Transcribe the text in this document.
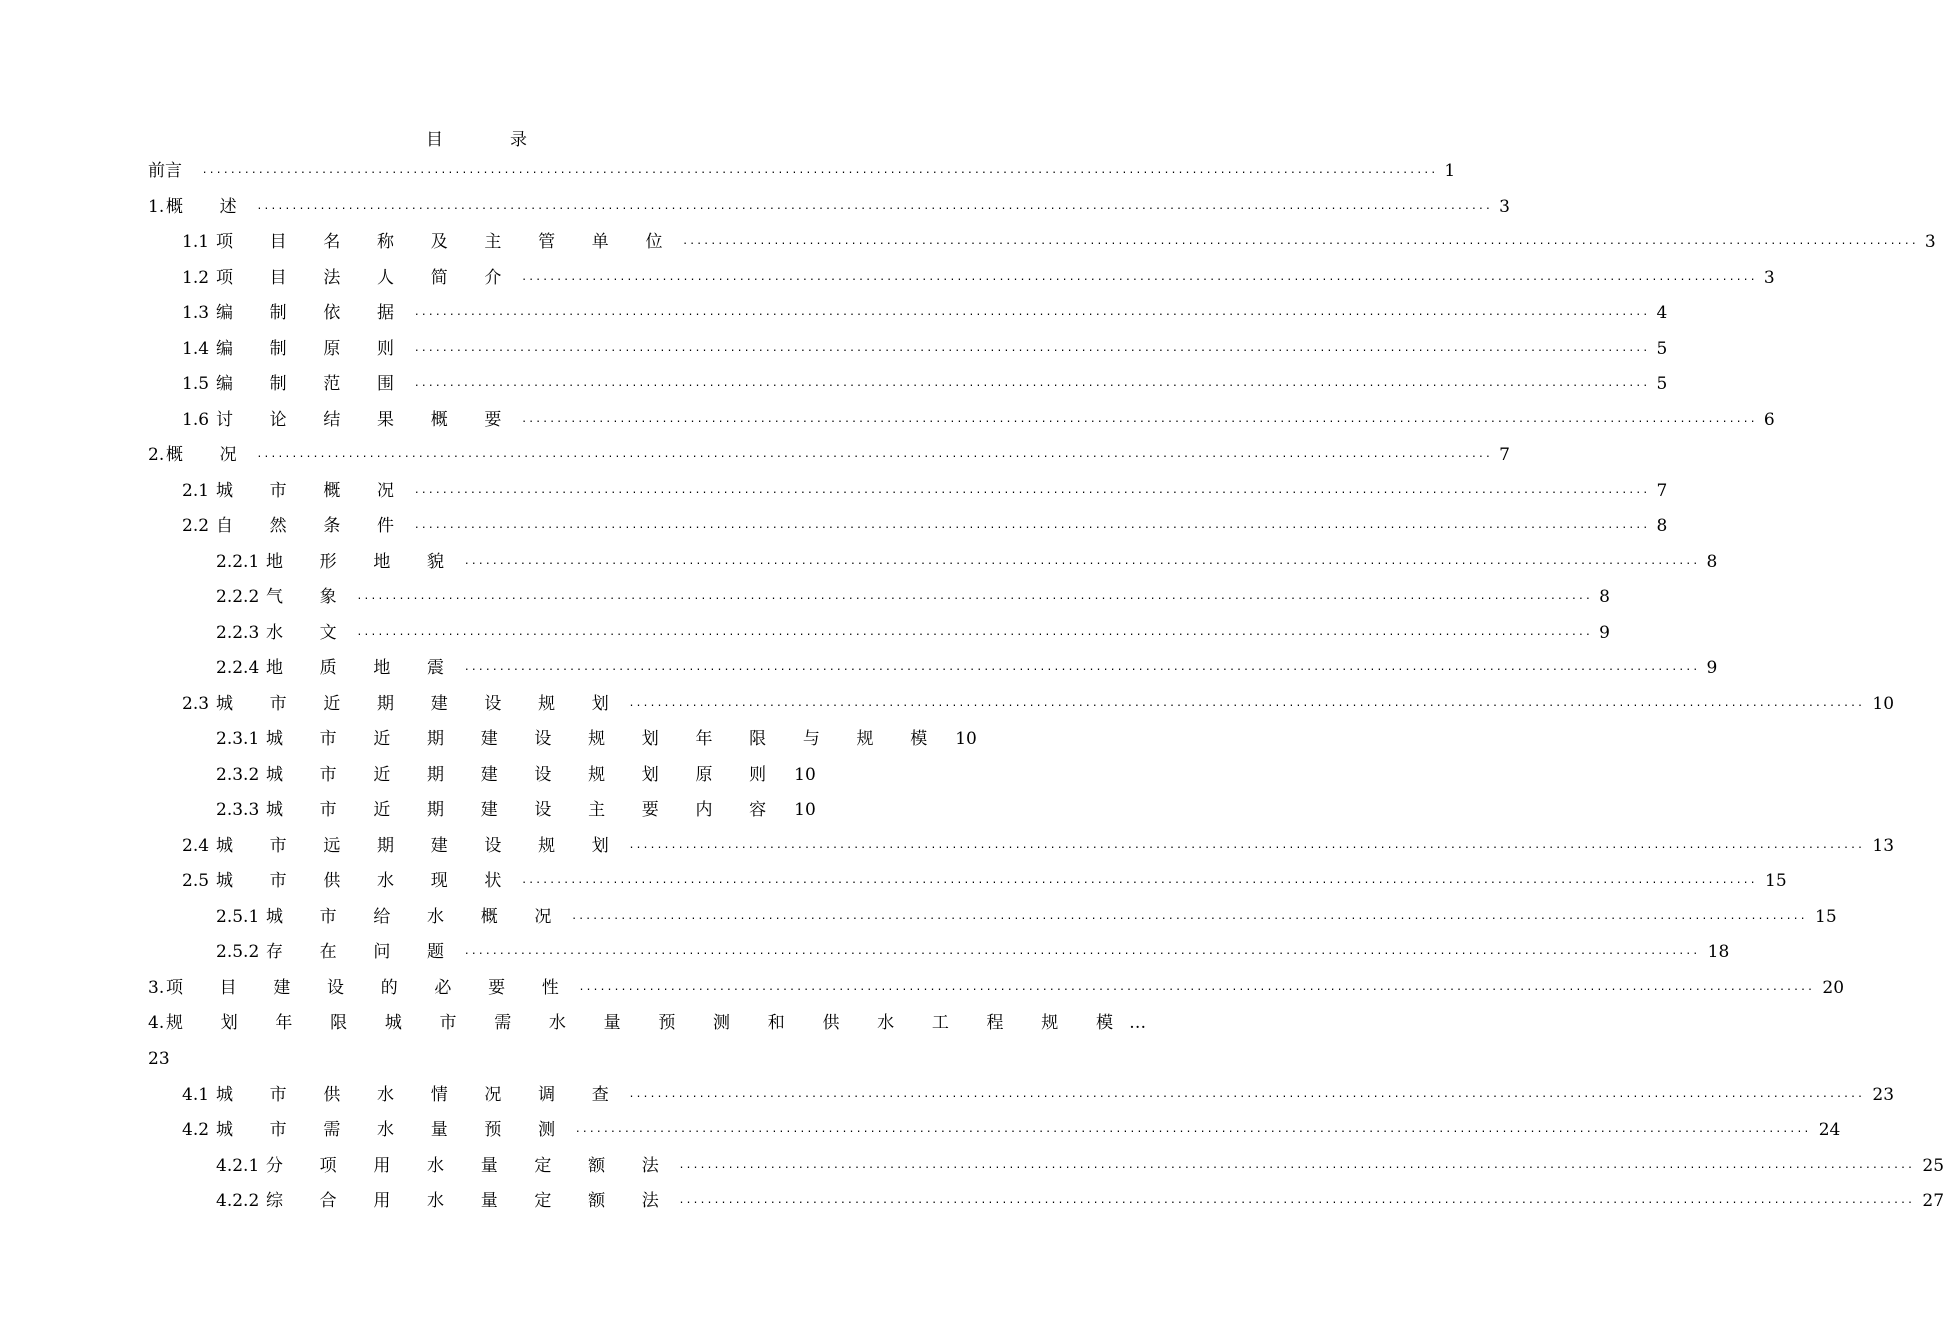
目	录
前 言 ................................................................................................................................................................................ 1
1. 概 述 ................................................................................................................................................................................ 3
1.1 项 目 名 称 及 主 管 单 位 ................................................................................................................................................................................ 3
1.2 项 目 法 人 简 介 ................................................................................................................................................................................ 3
1.3 编 制 依 据 ................................................................................................................................................................................ 4
1.4 编 制 原 则 ................................................................................................................................................................................ 5
1.5 编 制 范 围 ................................................................................................................................................................................ 5
1.6 讨 论 结 果 概 要 ................................................................................................................................................................................ 6
2. 概 况 ................................................................................................................................................................................ 7
2.1 城 市 概 况 ................................................................................................................................................................................ 7
2.2 自 然 条 件 ................................................................................................................................................................................ 8
2.2.1 地 形 地 貌 ................................................................................................................................................................................ 8
2.2.2 气 象 ................................................................................................................................................................................ 8
2.2.3 水 文 ................................................................................................................................................................................ 9
2.2.4 地 质 地 震 ................................................................................................................................................................................ 9
2.3 城 市 近 期 建 设 规 划 ................................................................................................................................................................................ 10
2.3.1 城 市 近 期 建 设 规 划 年 限 与 规 模 10
2.3.2 城 市 近 期 建 设 规 划 原 则 10
2.3.3 城 市 近 期 建 设 主 要 内 容 10
2.4 城 市 远 期 建 设 规 划 ................................................................................................................................................................................ 13
2.5 城 市 供 水 现 状 ................................................................................................................................................................................ 15
2.5.1 城 市 给 水 概 况 ................................................................................................................................................................................ 15
2.5.2 存 在 问 题 ................................................................................................................................................................................ 18
3. 项 目 建 设 的 必 要 性 ................................................................................................................................................................................ 20
4. 规 划 年 限 城 市 需 水 量 预 测 和 供 水 工 程 规 模 …
23
4.1 城 市 供 水 情 况 调 查 ................................................................................................................................................................................ 23
4.2 城 市 需 水 量 预 测 ................................................................................................................................................................................ 24
4.2.1 分 项 用 水 量 定 额 法 ................................................................................................................................................................................ 25
4.2.2 综 合 用 水 量 定 额 法 ................................................................................................................................................................................ 27
